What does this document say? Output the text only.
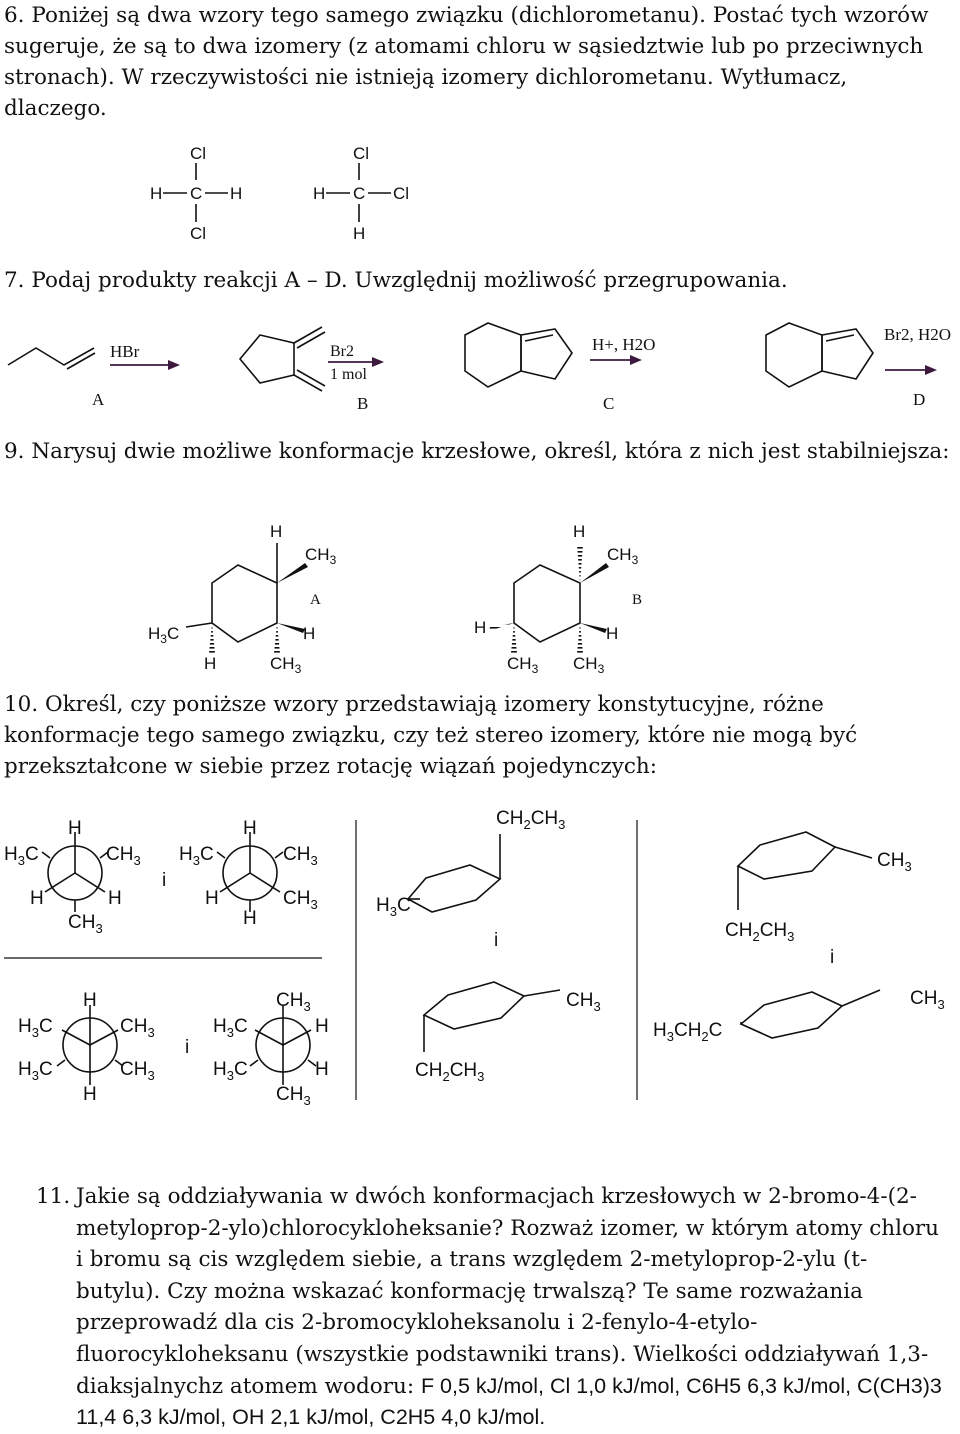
6. Poniżej są dwa wzory tego samego związku (dichlorometanu). Postać tych wzorów sugeruje, że są to dwa izomery (z atomami chloru w sąsiedztwie lub po przeciwnych stronach). W rzeczywistości nie istnieją izomery dichlorometanu. Wytłumacz, dlaczego.

Cl
H C H
Cl
Cl
H C Cl
H

7. Podaj produkty reakcji A – D. Uwzględnij możliwość przegrupowania.

HBr
A
Br2
1 mol
B
H+, H2O
C
Br2, H2O
D

9. Narysuj dwie możliwe konformacje krzesłowe, określ, która z nich jest stabilniejsza:

H
$CH_3$
A
$H_3C$
H	$CH_3$
H
H
$CH_3$
B
H
$CH_3$ $CH_3$
H

10. Określ, czy poniższe wzory przedstawiają izomery konstytucyjne, różne konformacje tego samego związku, czy też stereo izomery, które nie mogą być przekształcone w siebie przez rotację wiązań pojedynczych:

H
$H_3C$	$CH_3$
H	H
$CH_3$
i
H
$H_3C$	$CH_3$
H	$CH_3$
H
$CH_2CH_3$
$H_3C$
i
$CH_3$
$CH_2CH_3$
i
H
$H_3C$	$CH_3$
$H_3C$	$CH_3$
H
i
$CH_3$
$H_3C$	H
$H_3C$	H
$CH_3$
$CH_3$
$CH_2CH_3$
$CH_3$
$H_3CH_2C$

11. Jakie są oddziaływania w dwóch konformacjach krzesłowych w 2-bromo-4-(2-metyloprop-2-ylo)chlorocykloheksanie? Rozważ izomer, w którym atomy chloru i bromu są cis względem siebie, a trans względem 2-metyloprop-2-ylu (t-butylu). Czy można wskazać konformację trwalszą? Te same rozważania przeprowadź dla cis 2-bromocykloheksanolu i 2-fenylo-4-etylo-fluorocykloheksanu (wszystkie podstawniki trans). Wielkości oddziaływań 1,3-diaksjalnychz atomem wodoru: F 0,5 kJ/mol, Cl 1,0 kJ/mol, C6H5 6,3 kJ/mol, C(CH3)3 11,4 6,3 kJ/mol, OH 2,1 kJ/mol, C2H5 4,0 kJ/mol.
